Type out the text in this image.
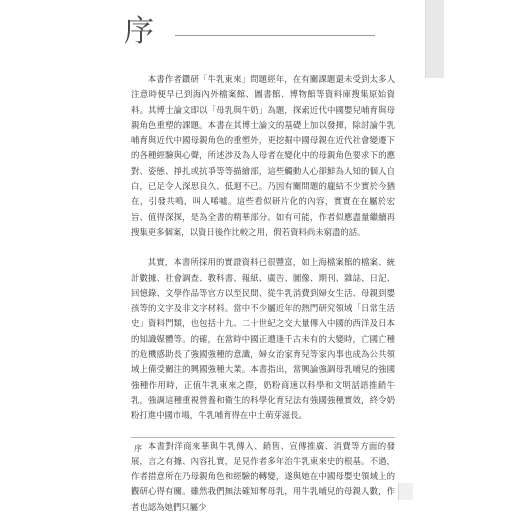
序

本書作者鑽研「牛乳東來」問題經年，在有關課題還未受到太多人注意時便早已到海內外檔案館、圖書館、博物館等資料庫搜集原始資料。其博士論文即以「母乳與牛奶」為題，探索近代中國嬰兒哺育與母親角色重塑的課題。本書在其博士論文的基礎上加以發揮，除討論牛乳哺育與近代中國母親角色的重塑外，更挖掘中國母親在近代社會變遷下的各種經驗與心聲，所述涉及為人母者在變化中的母親角色要求下的應對、姿態、掙扎或抗爭等等描繪部，這些觸動人心卻鮮為人知的個人自白，已足令人深思良久、低迴不已。乃因有關問題的龐結不少實於今猶在，引發共鳴，叫人唏噓。這些看似研片化的內容，實實在在屬於宏旨、值得深探，是為全書的精華部分。如有可能，作者似應盡量繼續再搜集更多個案，以資日後作比較之用，假若資料尚未窮盡的話。

其實，本書所採用的實證資料已很豐富，如上海檔案館的檔案、統計數據、社會調查、教科書、報紙、廣告、圖像、期刊、雜誌、日記、回憶錄、文學作品等官方以至民間、從牛乳消費到婦女生活、母親到嬰孩等的文字及非文字材料。當中不少屬近年的熱門研究領域「日常生活史」資料門類，也包括十九、二十世紀之交大量傳入中國的西洋及日本的知識媒體等。的確，在當時中國正遭逢千古未有的大變時，亡國亡種的危機感助長了強國強種的意識，婦女治家育兒等家內事也成為公共領域上備受關注的興國強種大業。本書指出，當興論強調母乳哺兒的強國強種作用時，正值牛乳東來之際，奶粉商速以科學和文明話語推銷牛乳，強調這種重視營養和衛生的科學化育兒法有強國強種實效，終令奶粉打進中國市場，牛乳哺育得在中土萌芽滋長。

本書對洋商來華與牛乳傳入、銷售、宣傳推廣、消費等方面的發展，言之有據、內容扎實，足見作者多年治牛乳東來史的根基。不過，作者措意所在乃母親角色和經驗的轉變，遂與她在中國母嬰史領域上的觀研心得有關。雖然我們無法確知奪母乳，用牛乳哺兒的母親人數，作者也認為她們只屬少

序
